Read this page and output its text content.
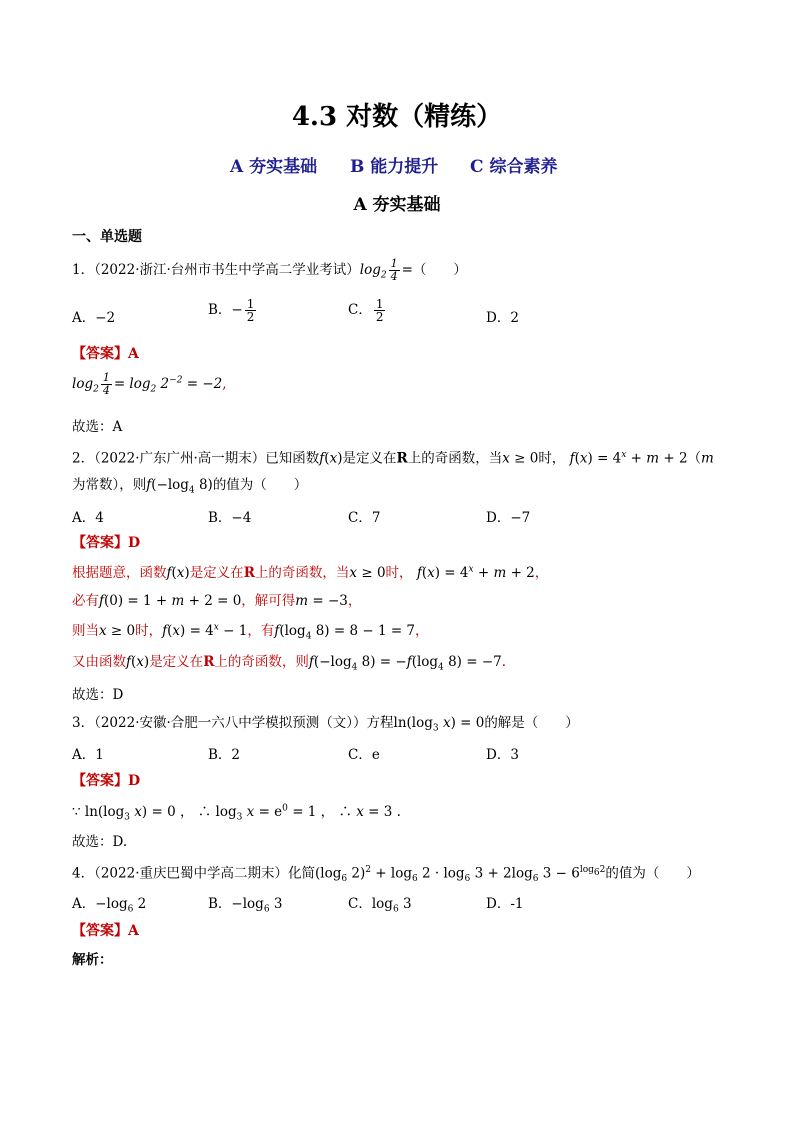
4.3 对数（精练）
A 夯实基础 B 能力提升 C 综合素养
A 夯实基础
一、单选题
1．（2022·浙江·台州市书生中学高二学业考试）$\log_2 \frac{1}{4}$ =（　　）
A．−2	B．− $\frac{1}{2}$	C． $\frac{1}{2}$	D．2
【答案】A
$\log_2 \frac{1}{4} = \log_2 2^{-2} = -2$,
故选：A
2．（2022·广东广州·高一期末）已知函数f(x)是定义在R上的奇函数，当x ≥ 0时， $f(x) = 4^x + m + 2(m$
为常数），则$f(-\log_4$ 8)的值为（　　）
A．4	B．−4	C．7	D．−7
【答案】D
根据题意，函数f(x)是定义在R上的奇函数，当x ≥ 0时， $f(x) = 4^x + m + 2$，
必有f(0) = 1 + m + 2 = 0，解可得m = −3，
则当x ≥ 0时，$f(x) = 4^x - 1$，有$f(\log_4$ 8) = 8 − 1 = 7，
又由函数f(x)是定义在R上的奇函数，则$f(-\log_4$ $8) = -f(\log_4$ 8) = −7.
故选：D
3．（2022·安徽·合肥一六八中学模拟预测（文））方程$\ln(\log_3$ x) = 0的解是（　　）
A．1	B．2	C．e	D．3
【答案】D
∵ $\ln(\log_3$ x) = 0 ， ∴ $\log_3 x = e^0 = 1$ ， ∴ x = 3 .
故选：D.
4．（2022·重庆巴蜀中学高二期末）化简($\log_6$ $2)^2 + \log_6 2 \cdot \log_6 3 + 2\log_6$ $3 - 6^{log_62}$的值为（　　）
A．$-\log_6$ 2	B．$-\log_6$ 3	C．$\log_6 3$	D．-1
【答案】A
解析：
